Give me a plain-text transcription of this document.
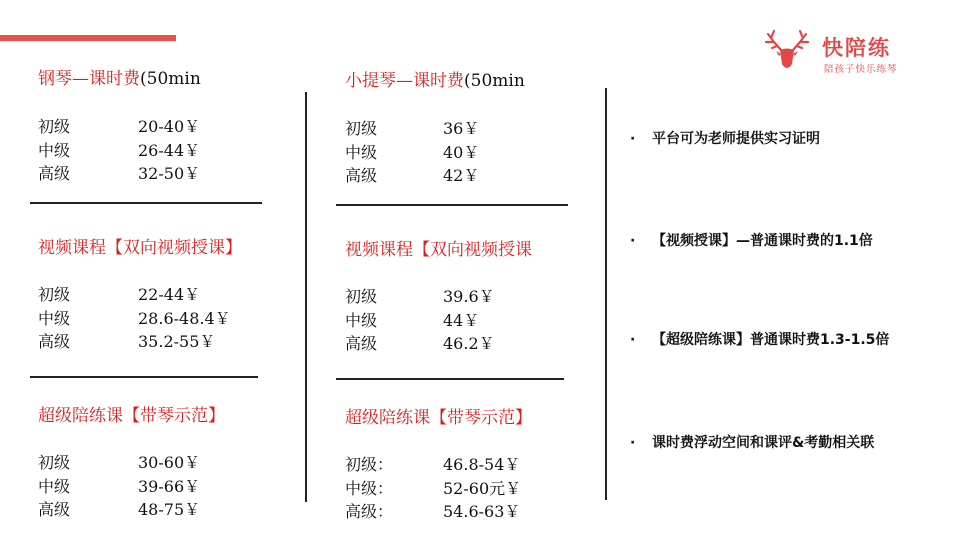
快陪练
陪孩子快乐练琴
钢琴—课时费(50min
初级	20-40￥
中级	26-44￥
高级	32-50￥
视频课程【双向视频授课】
初级	22-44￥
中级	28.6-48.4￥
高级	35.2-55￥
超级陪练课【带琴示范】
初级	30-60￥
中级	39-66￥
高级	48-75￥
小提琴—课时费(50min
初级	36￥
中级	40￥
高级	42￥
视频课程【双向视频授课
初级	39.6￥
中级	44￥
高级	46.2￥
超级陪练课【带琴示范】
初级：	46.8-54￥
中级：	52-60元￥
高级：	54.6-63￥
· 平台可为老师提供实习证明
· 【视频授课】—普通课时费的1.1倍
· 【超级陪练课】普通课时费1.3-1.5倍
· 课时费浮动空间和课评&考勤相关联
